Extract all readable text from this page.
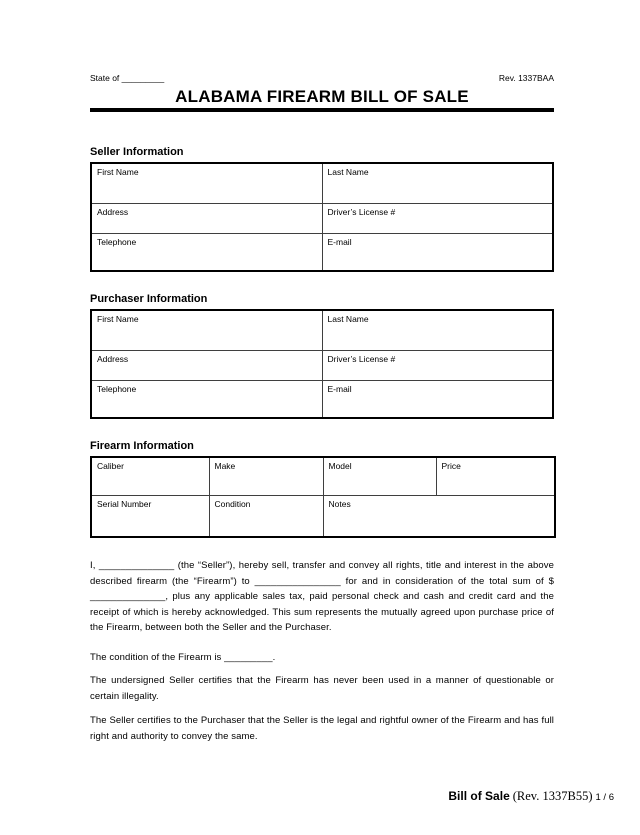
State of _________	Rev. 1337BAA
ALABAMA FIREARM BILL OF SALE
Seller Information
First Name	Last Name
Address	Driver’s License #
Telephone	E-mail
Purchaser Information
First Name	Last Name
Address	Driver’s License #
Telephone	E-mail
Firearm Information
Caliber	Make	Model	Price
Serial Number	Condition	Notes	

I, ______________ (the “Seller”), hereby sell, transfer and convey all rights, title and interest in the above described firearm (the “Firearm”) to ________________ for and in consideration of the total sum of $ ______________, plus any applicable sales tax, paid personal check and cash and credit card and the receipt of which is hereby acknowledged. This sum represents the mutually agreed upon purchase price of the Firearm, between both the Seller and the Purchaser.

The condition of the Firearm is _________.

The undersigned Seller certifies that the Firearm has never been used in a manner of questionable or certain illegality.

The Seller certifies to the Purchaser that the Seller is the legal and rightful owner of the Firearm and has full right and authority to convey the same.

Bill of Sale (Rev. 1337B55) 1 / 6
